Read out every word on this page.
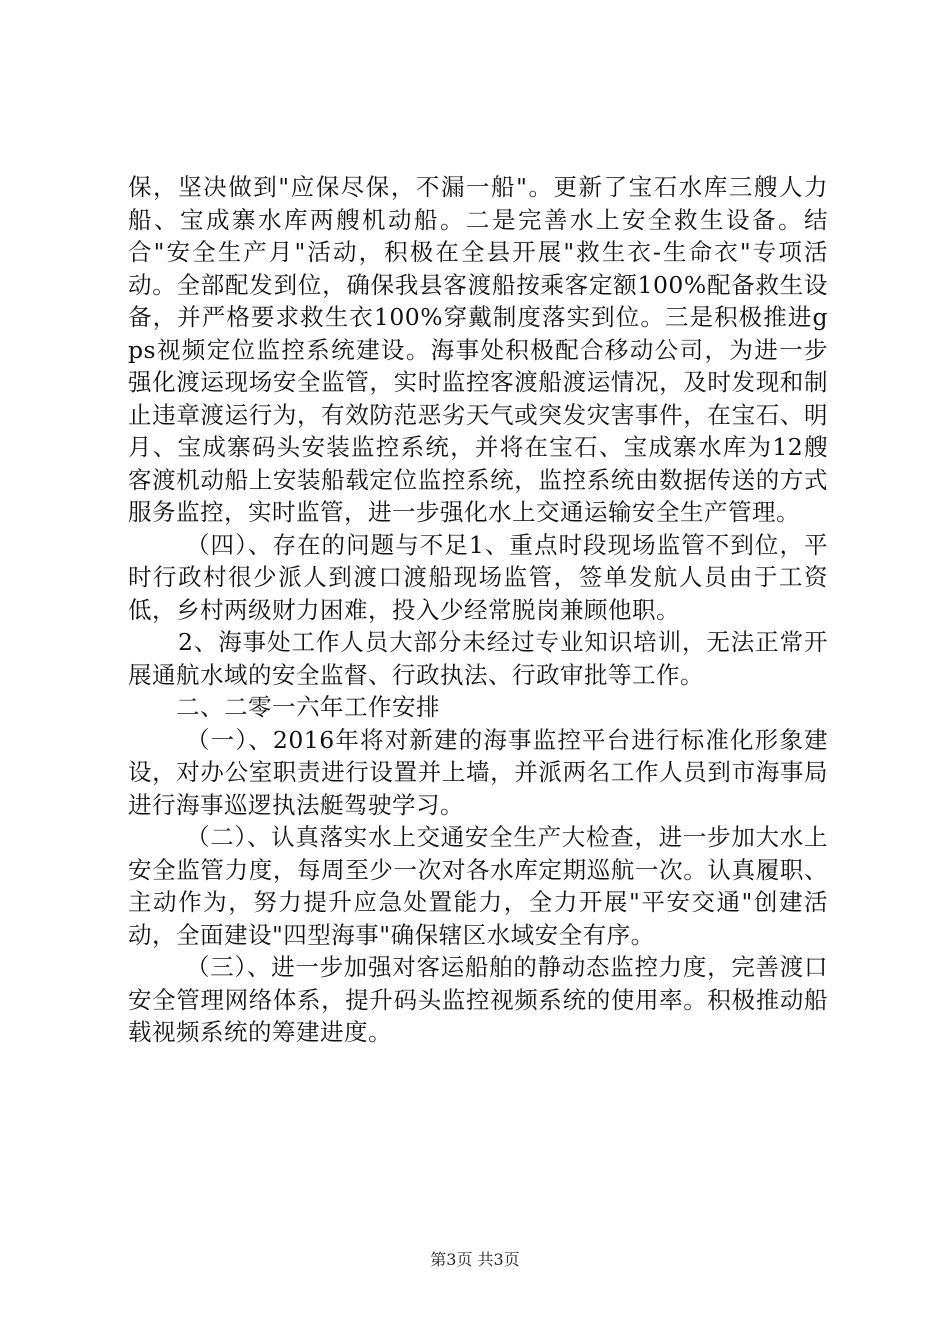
保，坚决做到"应保尽保，不漏一船"。更新了宝石水库三艘人力船、宝成寨水库两艘机动船。二是完善水上安全救生设备。结合"安全生产月"活动，积极在全县开展"救生衣-生命衣"专项活动。全部配发到位，确保我县客渡船按乘客定额100%配备救生设备，并严格要求救生衣100%穿戴制度落实到位。三是积极推进gps视频定位监控系统建设。海事处积极配合移动公司，为进一步强化渡运现场安全监管，实时监控客渡船渡运情况，及时发现和制止违章渡运行为，有效防范恶劣天气或突发灾害事件，在宝石、明月、宝成寨码头安装监控系统，并将在宝石、宝成寨水库为12艘客渡机动船上安装船载定位监控系统，监控系统由数据传送的方式服务监控，实时监管，进一步强化水上交通运输安全生产管理。

（四）、存在的问题与不足1、重点时段现场监管不到位，平时行政村很少派人到渡口渡船现场监管，签单发航人员由于工资低，乡村两级财力困难，投入少经常脱岗兼顾他职。

2、海事处工作人员大部分未经过专业知识培训，无法正常开展通航水域的安全监督、行政执法、行政审批等工作。

二、二零一六年工作安排

（一）、2016年将对新建的海事监控平台进行标准化形象建设，对办公室职责进行设置并上墙，并派两名工作人员到市海事局进行海事巡逻执法艇驾驶学习。

（二）、认真落实水上交通安全生产大检查，进一步加大水上安全监管力度，每周至少一次对各水库定期巡航一次。认真履职、主动作为，努力提升应急处置能力，全力开展"平安交通"创建活动，全面建设"四型海事"确保辖区水域安全有序。

（三）、进一步加强对客运船舶的静动态监控力度，完善渡口安全管理网络体系，提升码头监控视频系统的使用率。积极推动船载视频系统的筹建进度。

第3页 共3页
